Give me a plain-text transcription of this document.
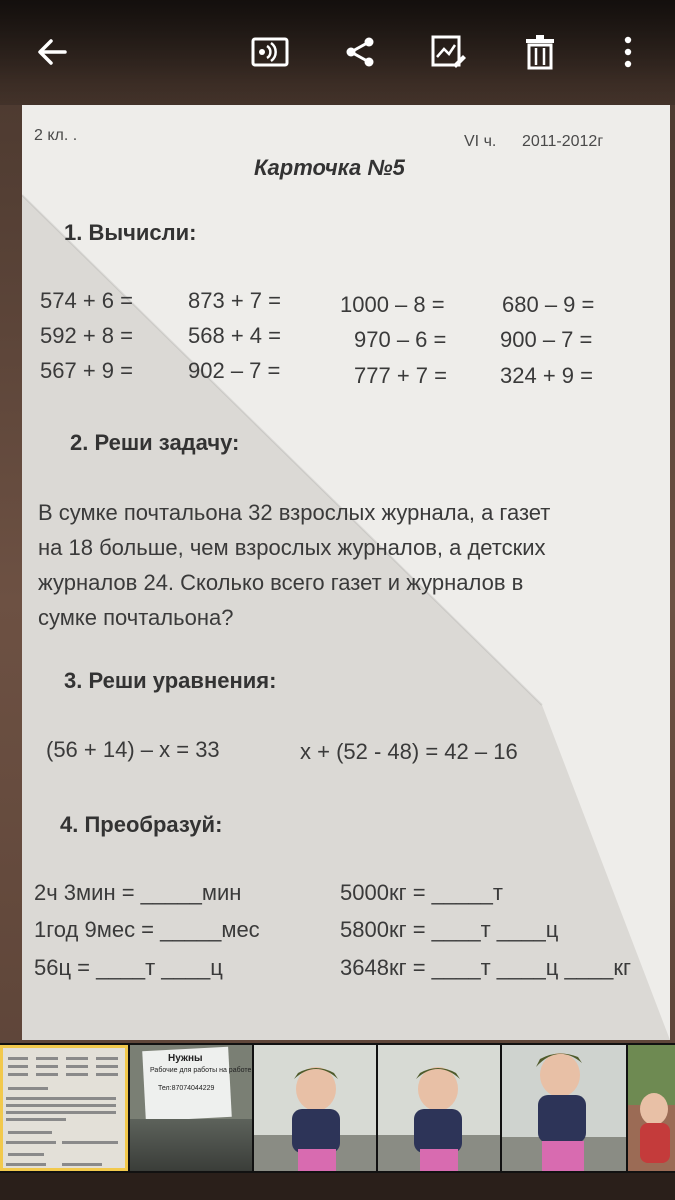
2 кл. .	VI ч. 2011-2012г
Карточка №5
1. Вычисли:
574 + 6 =	873 + 7 =	1000 – 8 =	680 – 9 =
592 + 8 =	568 + 4 =	970 – 6 = 900 – 7 =
567 + 9 =	902 – 7 =	777 + 7 = 324 + 9 =
2. Реши задачу:
В сумке почтальона 32 взрослых журнала, а газет
на 18 больше, чем взрослых журналов, а детских
журналов 24. Сколько всего газет и журналов в
сумке почтальона?
3. Реши уравнения:
(56 + 14) – x = 33	x + (52 - 48) = 42 – 16
4. Преобразуй:
2ч 3мин = _____мин	5000кг = _____т
1год 9мес = _____мес	5800кг = ____т ____ц
56ц = ____т ____ц	3648кг = ____т ____ц ____кг
Нужны
Рабочие для работы на работе
Тел:87074044229
